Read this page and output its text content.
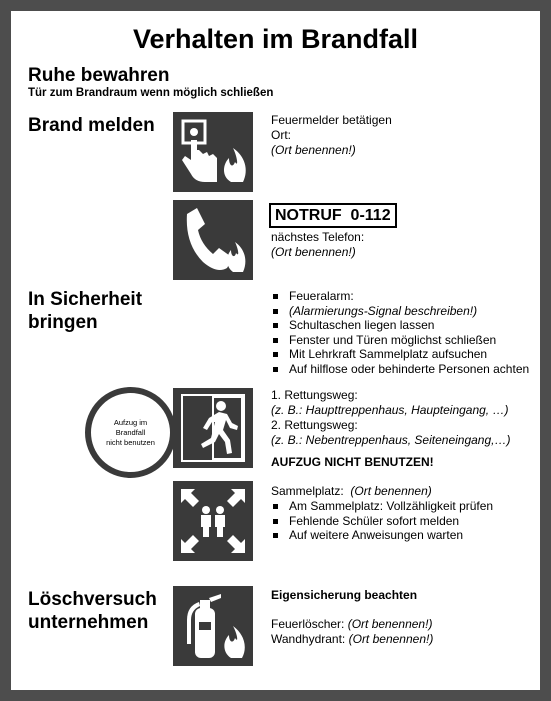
Verhalten im Brandfall
Ruhe bewahren
Tür zum Brandraum wenn möglich schließen
Brand melden	Feuermelder betätigen
Ort:
(Ort benennen!)
NOTRUF  0-112
nächstes Telefon:
(Ort benennen!)
In Sicherheit
bringen
Feueralarm:
(Alarmierungs-Signal beschreiben!)
Schultaschen liegen lassen
Fenster und Türen möglichst schließen
Mit Lehrkraft Sammelplatz aufsuchen
Auf hilflose oder behinderte Personen achten
Aufzug im
Brandfall
nicht benutzen
1. Rettungsweg:
(z. B.: Haupttreppenhaus, Haupteingang, …)
2. Rettungsweg:
(z. B.: Nebentreppenhaus, Seiteneingang,…)
AUFZUG NICHT BENUTZEN!
Sammelplatz: (Ort benennen)
Am Sammelplatz: Vollzähligkeit prüfen
Fehlende Schüler sofort melden
Auf weitere Anweisungen warten
Löschversuch
unternehmen
Eigensicherung beachten
Feuerlöscher: (Ort benennen!)
Wandhydrant: (Ort benennen!)
